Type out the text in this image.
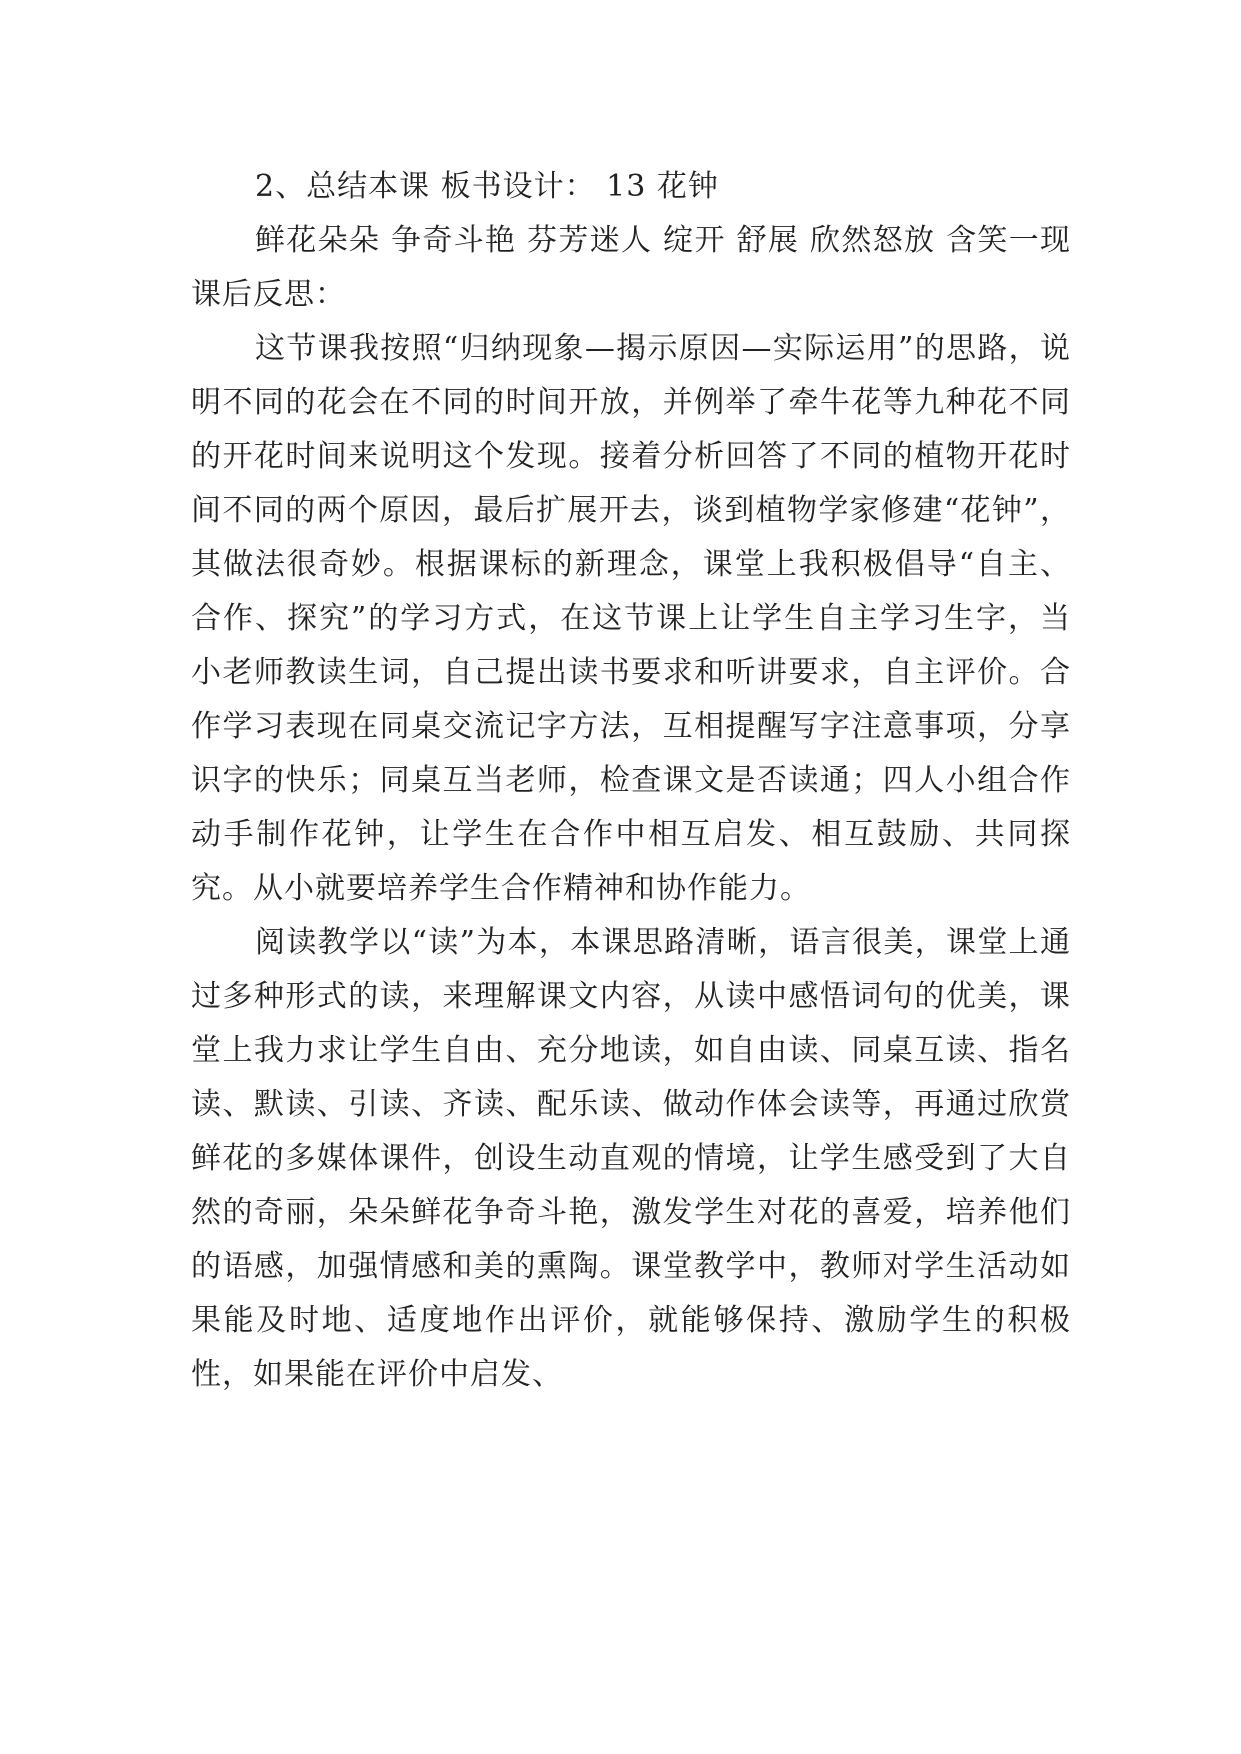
2、总结本课 板书设计： 13 花钟

鲜花朵朵 争奇斗艳 芬芳迷人 绽开 舒展 欣然怒放 含笑一现 课后反思：

这节课我按照“归纳现象—揭示原因—实际运用”的思路，说明不同的花会在不同的时间开放，并例举了牵牛花等九种花不同的开花时间来说明这个发现。接着分析回答了不同的植物开花时间不同的两个原因，最后扩展开去，谈到植物学家修建“花钟”，其做法很奇妙。根据课标的新理念，课堂上我积极倡导“自主、合作、探究”的学习方式，在这节课上让学生自主学习生字，当小老师教读生词，自己提出读书要求和听讲要求，自主评价。合作学习表现在同桌交流记字方法，互相提醒写字注意事项，分享识字的快乐；同桌互当老师，检查课文是否读通；四人小组合作动手制作花钟，让学生在合作中相互启发、相互鼓励、共同探究。从小就要培养学生合作精神和协作能力。

阅读教学以“读”为本，本课思路清晰，语言很美，课堂上通过多种形式的读，来理解课文内容，从读中感悟词句的优美，课堂上我力求让学生自由、充分地读，如自由读、同桌互读、指名读、默读、引读、齐读、配乐读、做动作体会读等，再通过欣赏鲜花的多媒体课件，创设生动直观的情境，让学生感受到了大自然的奇丽，朵朵鲜花争奇斗艳，激发学生对花的喜爱，培养他们的语感，加强情感和美的熏陶。课堂教学中，教师对学生活动如果能及时地、适度地作出评价，就能够保持、激励学生的积极性，如果能在评价中启发、
